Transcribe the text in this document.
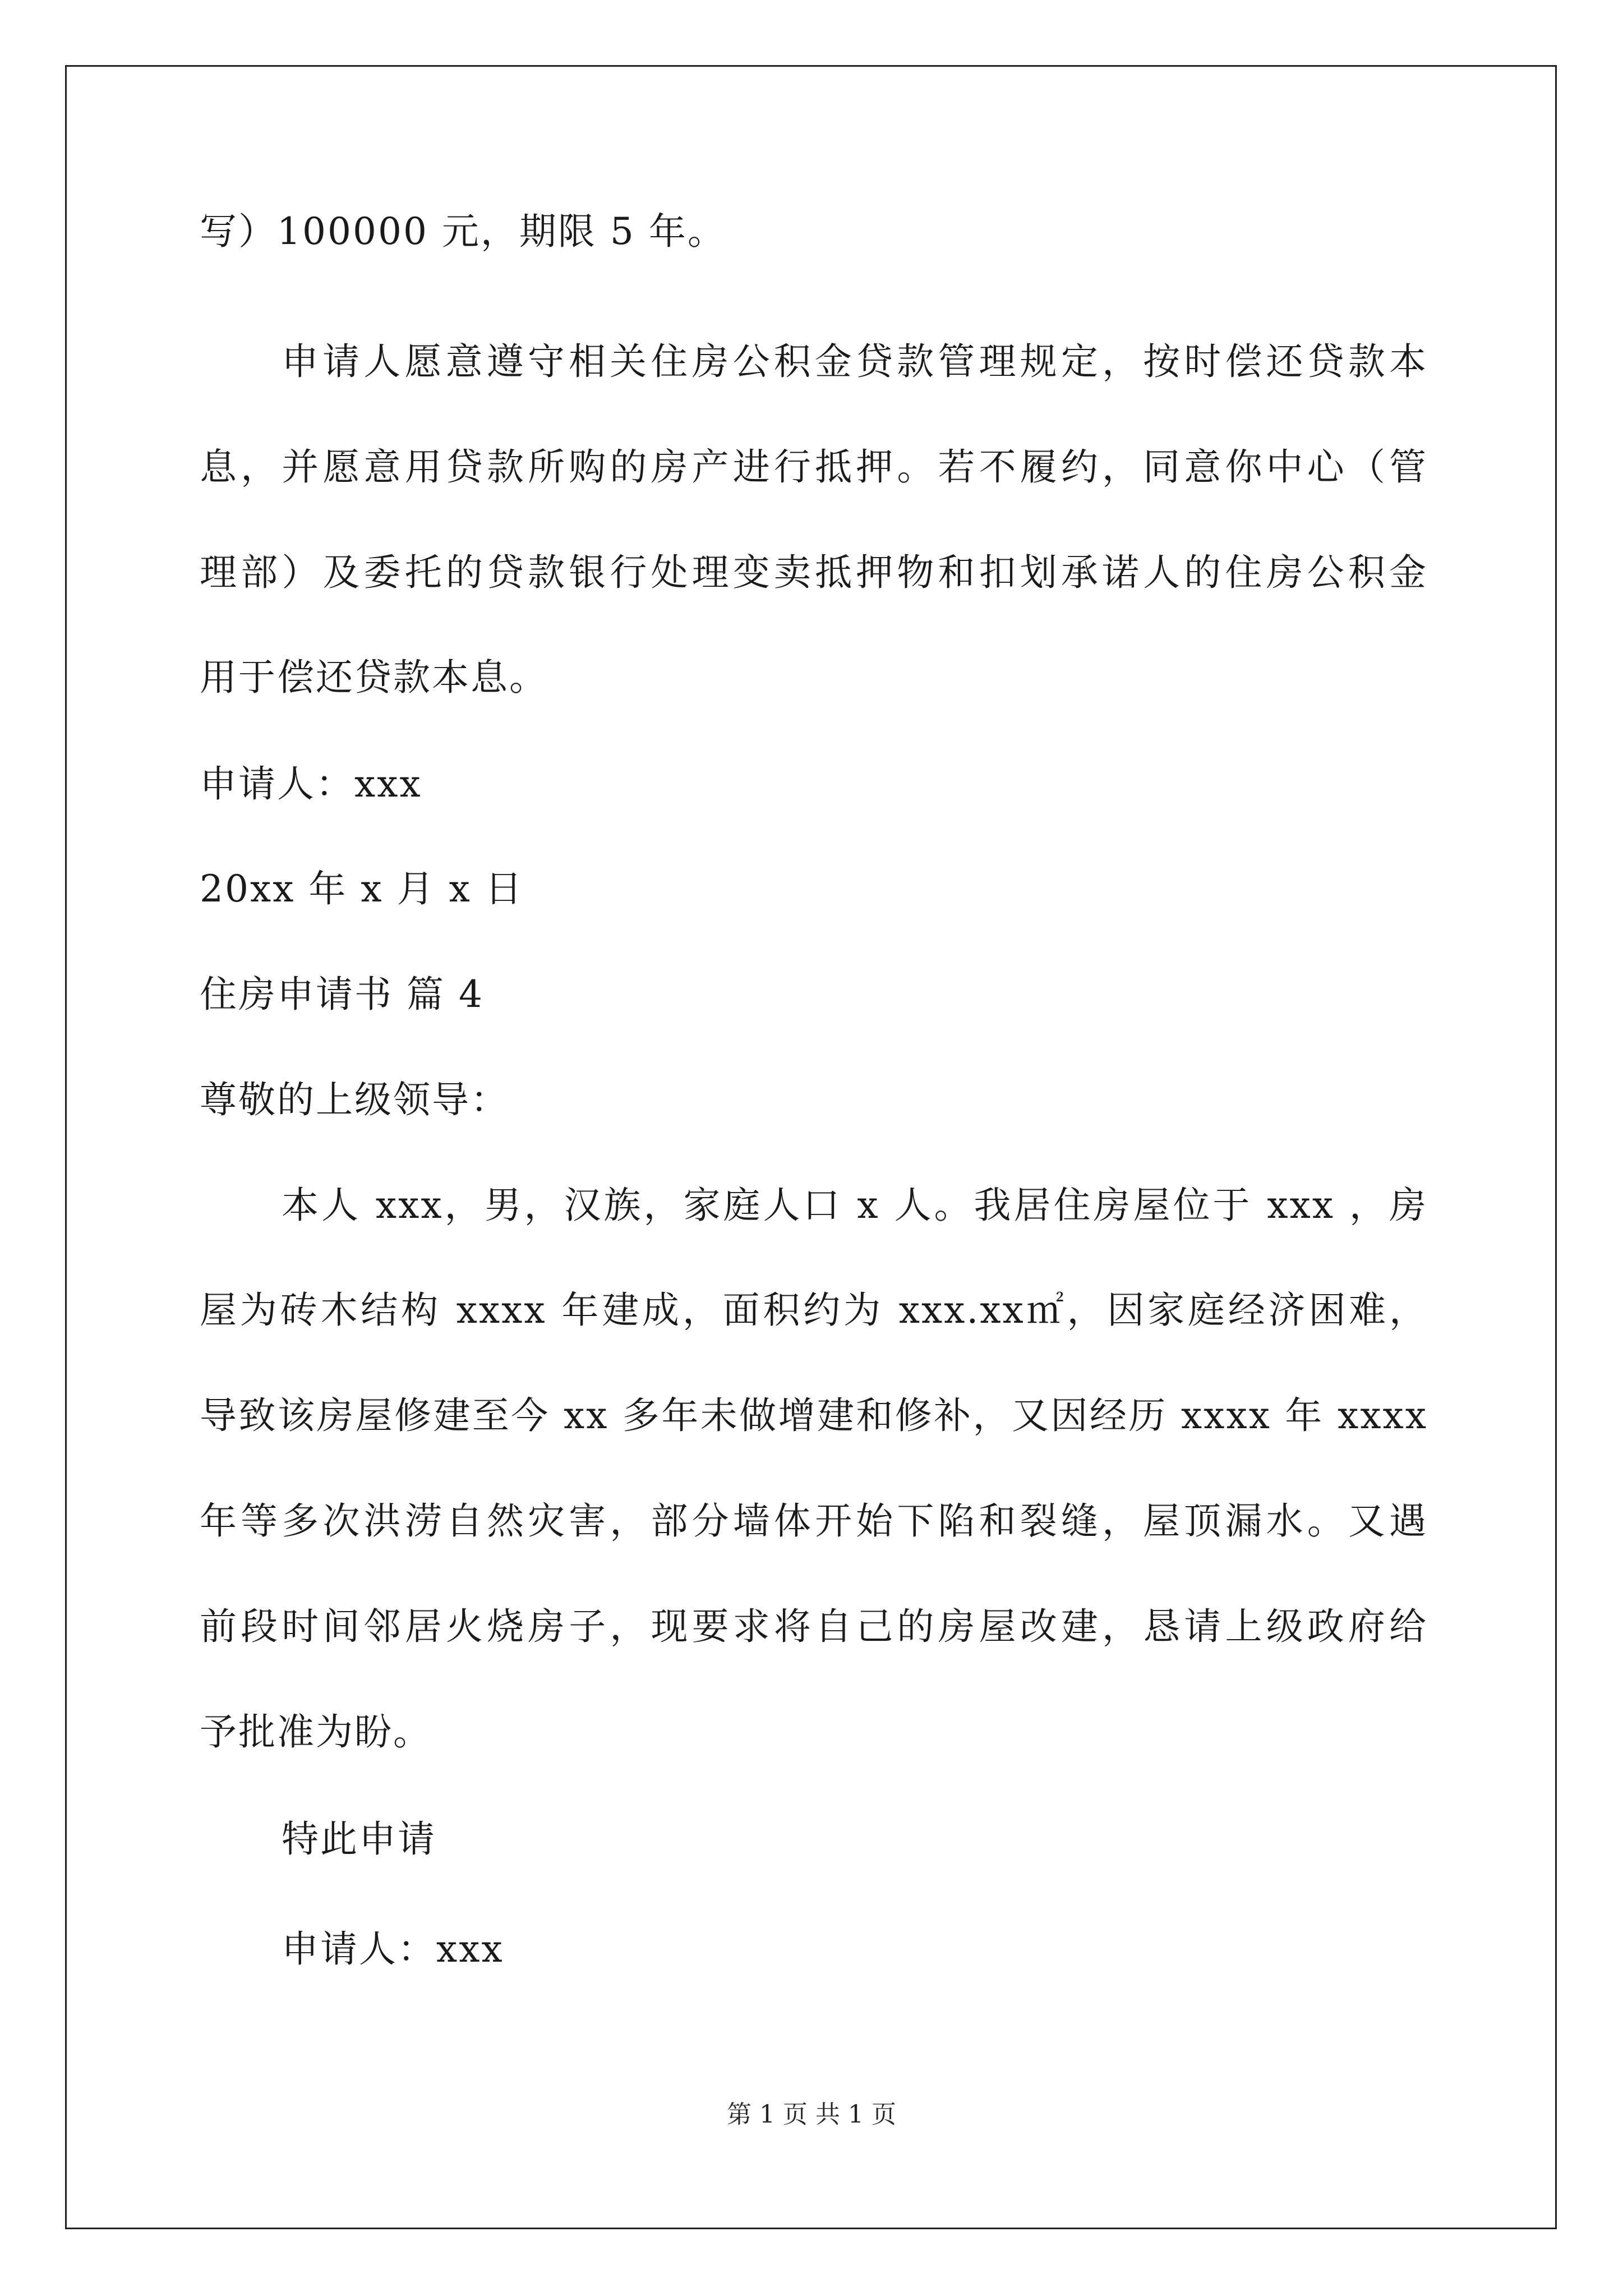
写）100000 元，期限 5 年。
申请人愿意遵守相关住房公积金贷款管理规定，按时偿还贷款本
息，并愿意用贷款所购的房产进行抵押。若不履约，同意你中心（管
理部）及委托的贷款银行处理变卖抵押物和扣划承诺人的住房公积金
用于偿还贷款本息。
申请人：xxx
20xx 年 x 月 x 日
住房申请书 篇 4
尊敬的上级领导：
本人 xxx，男，汉族，家庭人口 x 人。我居住房屋位于 xxx ，房
屋为砖木结构 xxxx 年建成，面积约为 xxx.xx㎡，因家庭经济困难，
导致该房屋修建至今 xx 多年未做增建和修补，又因经历 xxxx 年 xxxx
年等多次洪涝自然灾害，部分墙体开始下陷和裂缝，屋顶漏水。又遇
前段时间邻居火烧房子，现要求将自己的房屋改建，恳请上级政府给
予批准为盼。
特此申请
申请人：xxx
第 1 页 共 1 页
